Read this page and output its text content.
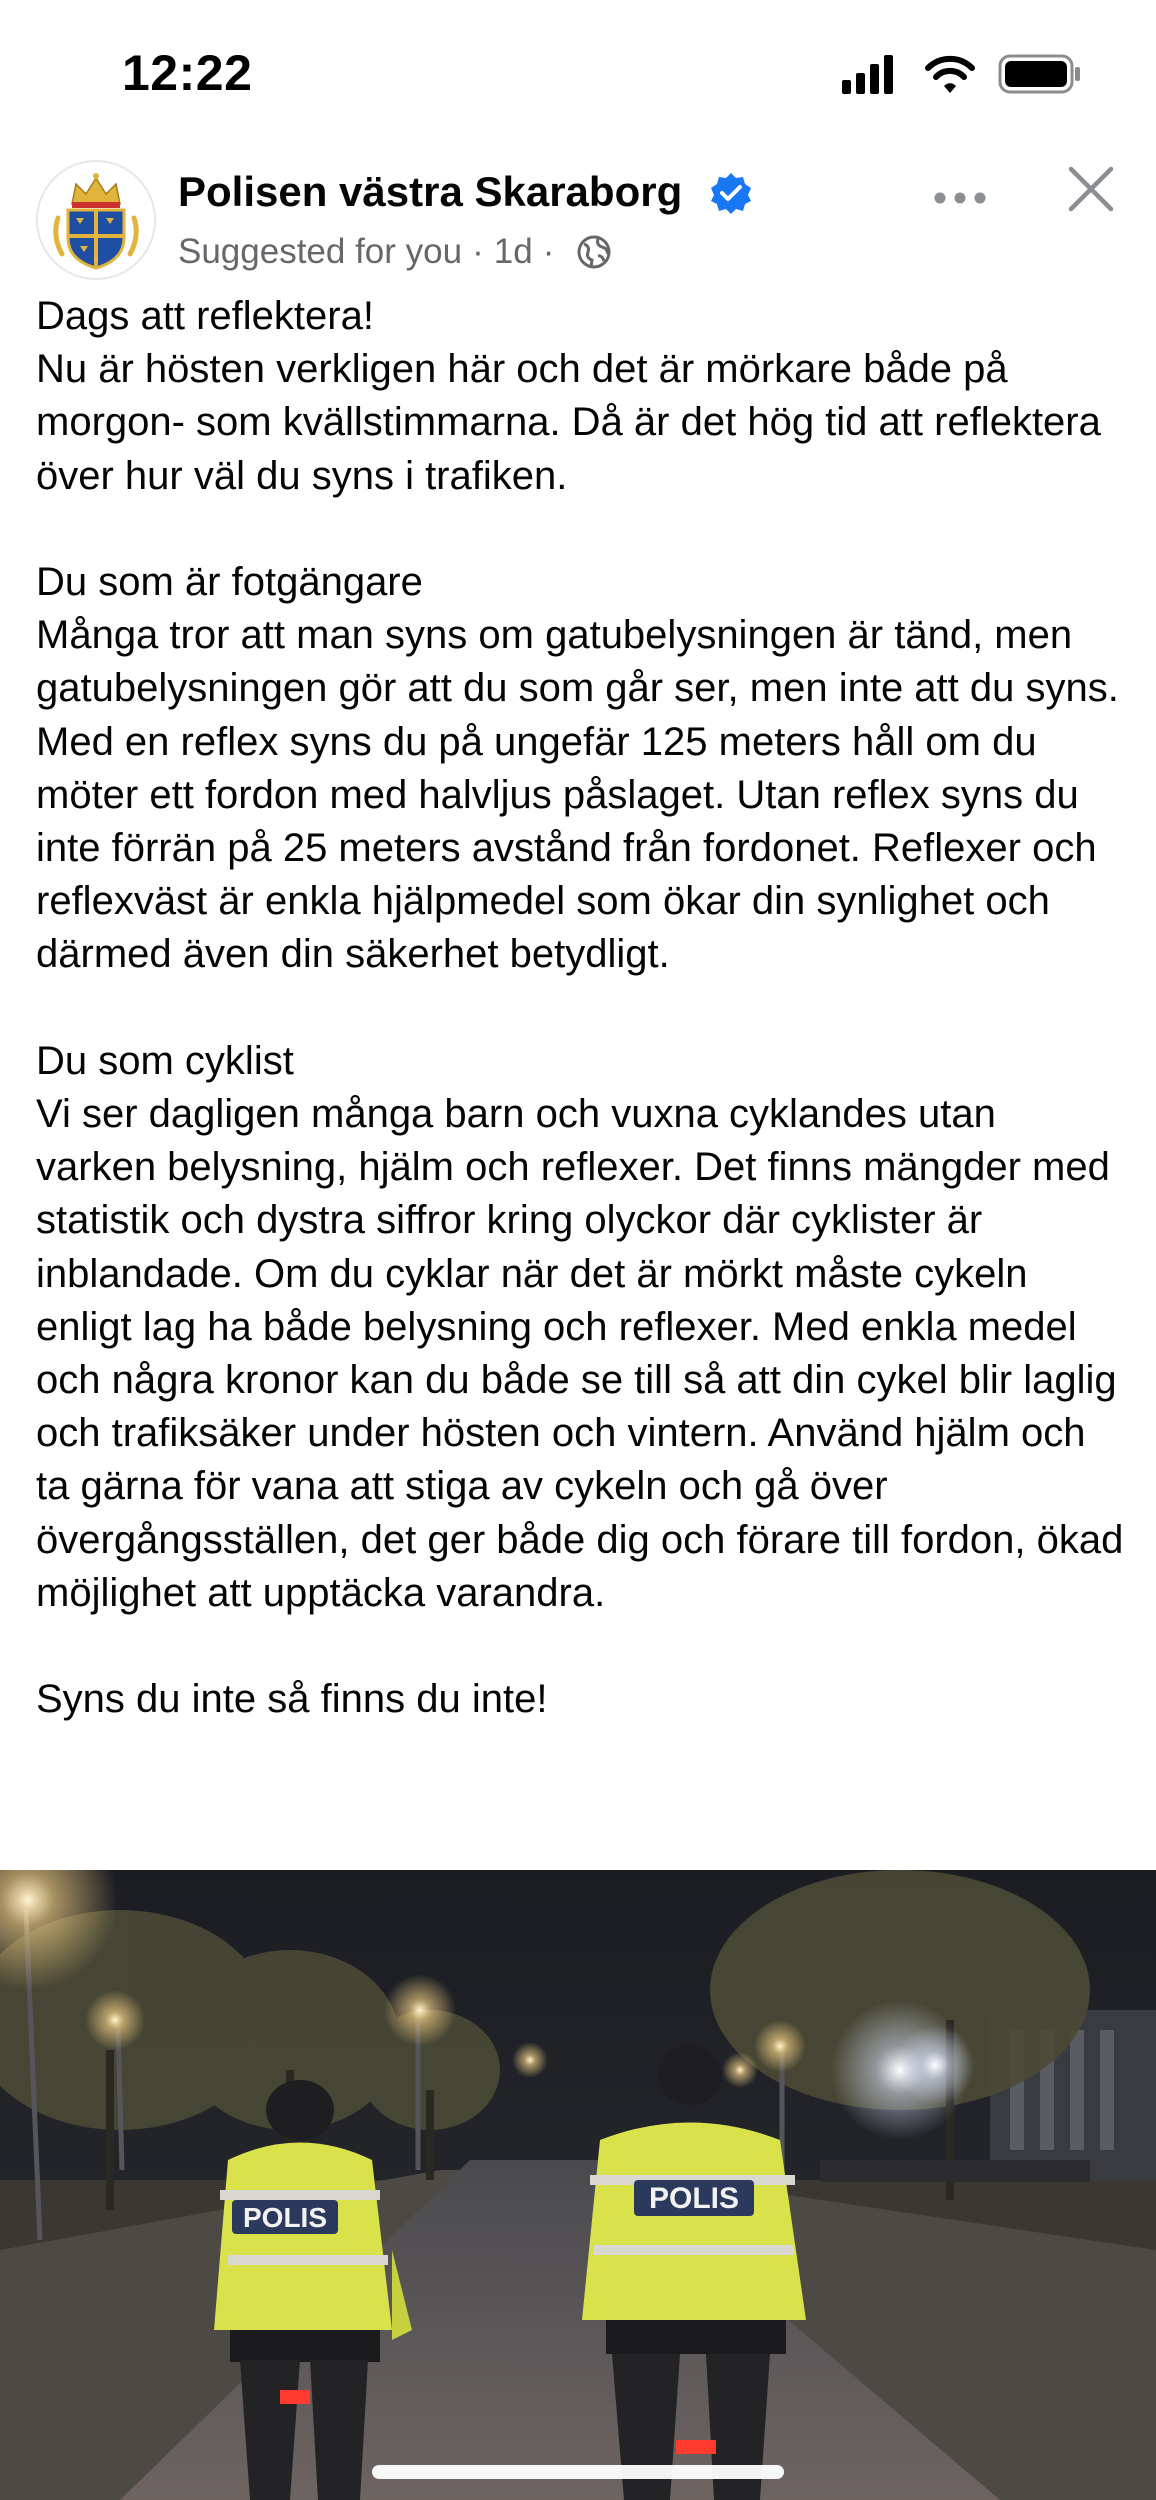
12:22
Polisen västra Skaraborg
Suggested for you · 1d ·

Dags att reflektera!

Nu är hösten verkligen här och det är mörkare både på morgon- som kvällstimmarna. Då är det hög tid att reflektera över hur väl du syns i trafiken.

Du som är fotgängare

Många tror att man syns om gatubelysningen är tänd, men gatubelysningen gör att du som går ser, men inte att du syns. Med en reflex syns du på ungefär 125 meters håll om du möter ett fordon med halvljus påslaget. Utan reflex syns du inte förrän på 25 meters avstånd från fordonet. Reflexer och reflexväst är enkla hjälpmedel som ökar din synlighet och därmed även din säkerhet betydligt.

Du som cyklist

Vi ser dagligen många barn och vuxna cyklandes utan varken belysning, hjälm och reflexer. Det finns mängder med statistik och dystra siffror kring olyckor där cyklister är inblandade. Om du cyklar när det är mörkt måste cykeln enligt lag ha både belysning och reflexer. Med enkla medel och några kronor kan du både se till så att din cykel blir laglig och trafiksäker under hösten och vintern. Använd hjälm och ta gärna för vana att stiga av cykeln och gå över övergångsställen, det ger både dig och förare till fordon, ökad möjlighet att upptäcka varandra.

Syns du inte så finns du inte!

POLIS
POLIS
